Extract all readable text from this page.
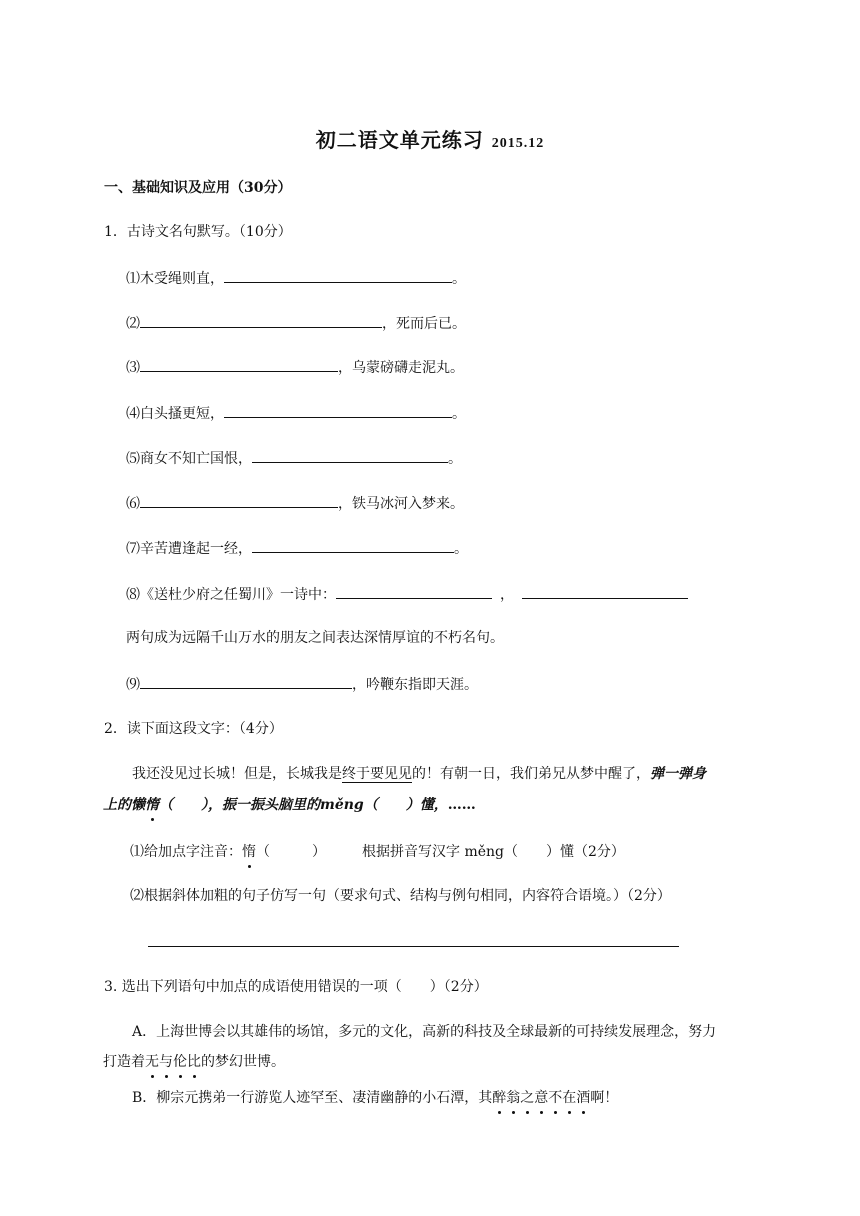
初二语文单元练习 2015.12
一、基础知识及应用（30分）
1．古诗文名句默写。（10分）
⑴木受绳则直，	。
⑵	，死而后已。
⑶	，乌蒙磅礴走泥丸。
⑷白头搔更短，	。
⑸商女不知亡国恨，	。
⑹	，铁马冰河入梦来。
⑺辛苦遭逢起一经，	。
⑻《送杜少府之任蜀川》一诗中：	，
两句成为远隔千山万水的朋友之间表达深情厚谊的不朽名句。
⑼	，吟鞭东指即天涯。
2．读下面这段文字：（4分）
我还没见过长城！但是，长城我是终于要见见的！有朝一日，我们弟兄从梦中醒了，弹一弹身
上的懒惰（　　），振一振头脑里的měng（　　）懂，……
⑴给加点字注音：惰（　　　）	根据拼音写汉字 měng（　　）懂（2分）
⑵根据斜体加粗的句子仿写一句（要求句式、结构与例句相同，内容符合语境。）（2分）
3. 选出下列语句中加点的成语使用错误的一项（　　）（2分）
A．上海世博会以其雄伟的场馆，多元的文化，高新的科技及全球最新的可持续发展理念，努力
打造着无与伦比的梦幻世博。
B．柳宗元携弟一行游览人迹罕至、凄清幽静的小石潭，其醉翁之意不在酒啊！
